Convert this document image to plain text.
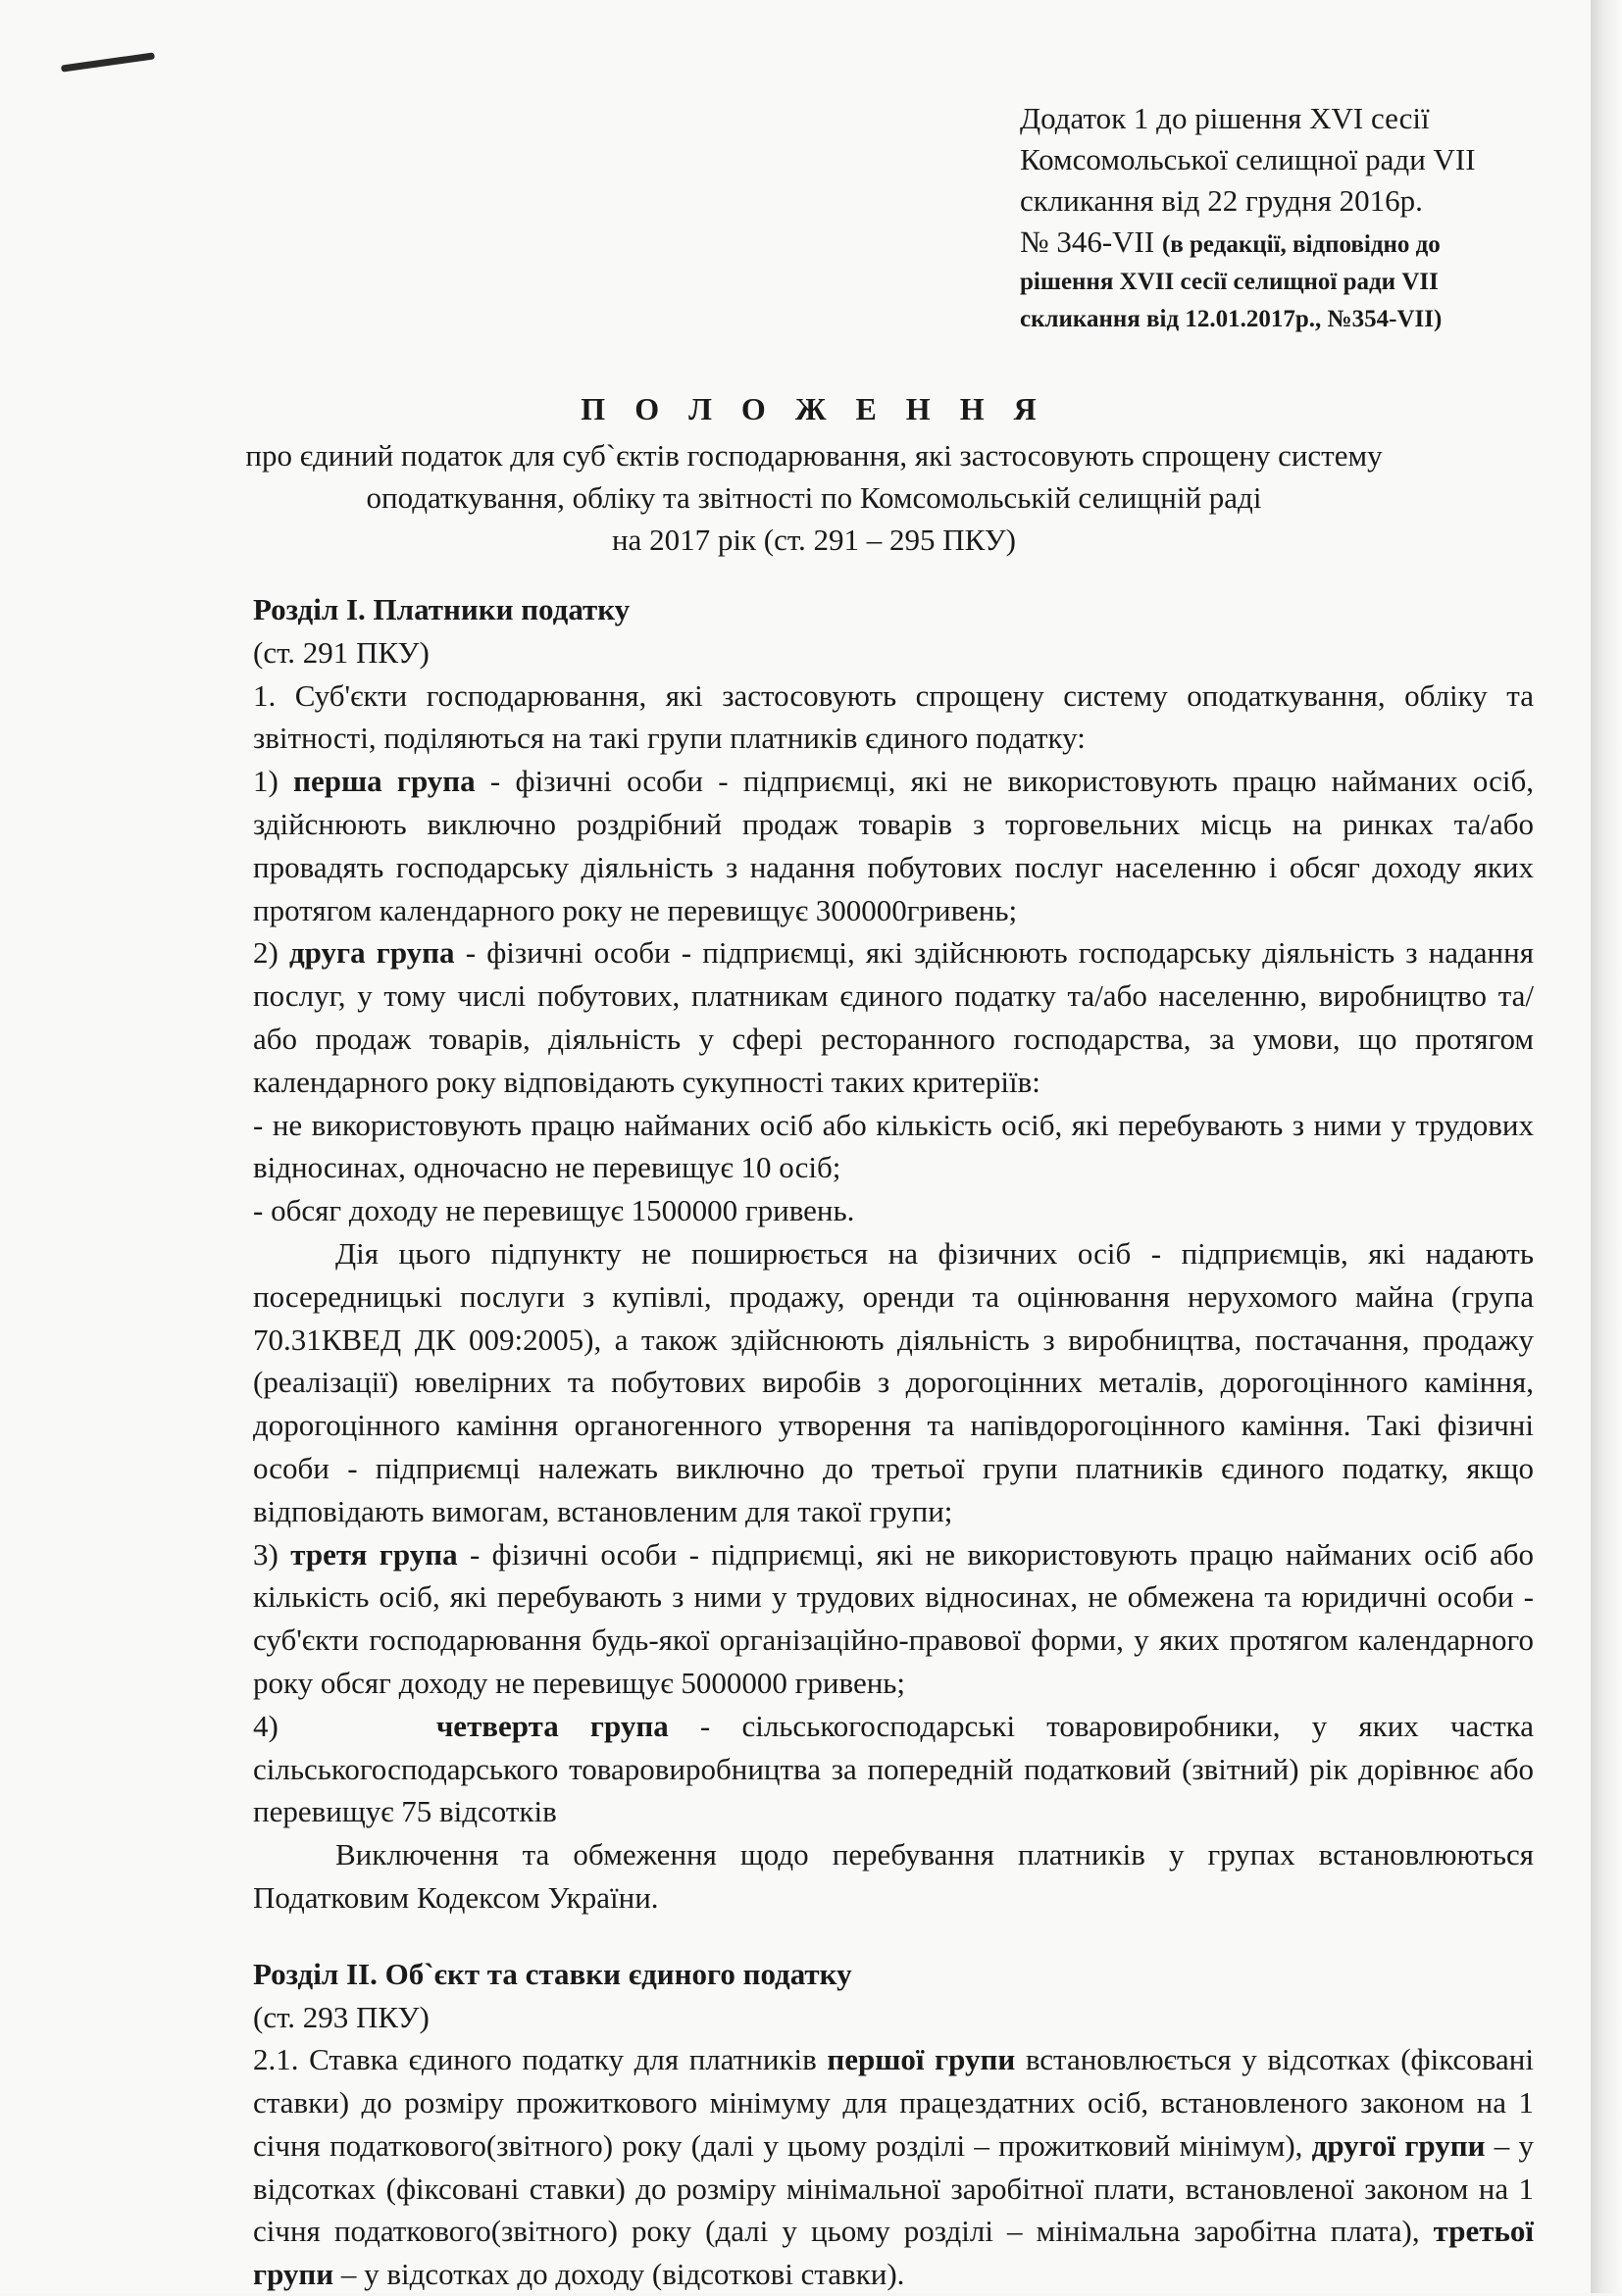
Додаток 1 до рішення XVI сесії
Комсомольської селищної ради VII
скликання від 22 грудня 2016р.
№ 346-VII (в редакції, відповідно до
рішення XVII сесії селищної ради VII
скликання від 12.01.2017р., №354-VII)
П О Л О Ж Е Н Н Я
про єдиний податок для суб`єктів господарювання, які застосовують спрощену систему
оподаткування, обліку та звітності по Комсомольській селищній раді
на 2017 рік (ст. 291 – 295 ПКУ)
Розділ І. Платники податку

(ст. 291 ПКУ)

1. Суб'єкти господарювання, які застосовують спрощену систему оподаткування, обліку та звітності, поділяються на такі групи платників єдиного податку:

1) перша група - фізичні особи - підприємці, які не використовують працю найманих осіб, здійснюють виключно роздрібний продаж товарів з торговельних місць на ринках та/або провадять господарську діяльність з надання побутових послуг населенню і обсяг доходу яких протягом календарного року не перевищує 300000гривень;

2) друга група - фізичні особи - підприємці, які здійснюють господарську діяльність з надання послуг, у тому числі побутових, платникам єдиного податку та/або населенню, виробництво та/або продаж товарів, діяльність у сфері ресторанного господарства, за умови, що протягом календарного року відповідають сукупності таких критеріїв:

- не використовують працю найманих осіб або кількість осіб, які перебувають з ними у трудових відносинах, одночасно не перевищує 10 осіб;

- обсяг доходу не перевищує 1500000 гривень.

Дія цього підпункту не поширюється на фізичних осіб - підприємців, які надають посередницькі послуги з купівлі, продажу, оренди та оцінювання нерухомого майна (група 70.31КВЕД ДК 009:2005), а також здійснюють діяльність з виробництва, постачання, продажу (реалізації) ювелірних та побутових виробів з дорогоцінних металів, дорогоцінного каміння, дорогоцінного каміння органогенного утворення та напівдорогоцінного каміння. Такі фізичні особи - підприємці належать виключно до третьої групи платників єдиного податку, якщо відповідають вимогам, встановленим для такої групи;

3) третя група - фізичні особи - підприємці, які не використовують працю найманих осіб або кількість осіб, які перебувають з ними у трудових відносинах, не обмежена та юридичні особи - суб'єкти господарювання будь-якої організаційно-правової форми, у яких протягом календарного року обсяг доходу не перевищує 5000000 гривень;

4)	четверта група - сільськогосподарські товаровиробники, у яких частка сільськогосподарського товаровиробництва за попередній податковий (звітний) рік дорівнює або перевищує 75 відсотків

Виключення та обмеження щодо перебування платників у групах встановлюються Податковим Кодексом України.

Розділ ІІ. Об`єкт та ставки єдиного податку

(ст. 293 ПКУ)

2.1. Ставка єдиного податку для платників першої групи встановлюється у відсотках (фіксовані ставки) до розміру прожиткового мінімуму для працездатних осіб, встановленого законом на 1 січня податкового(звітного) року (далі у цьому розділі – прожитковий мінімум), другої групи – у відсотках (фіксовані ставки) до розміру мінімальної заробітної плати, встановленої законом на 1 січня податкового(звітного) року (далі у цьому розділі – мінімальна заробітна плата), третьої групи – у відсотках до доходу (відсоткові ставки).
